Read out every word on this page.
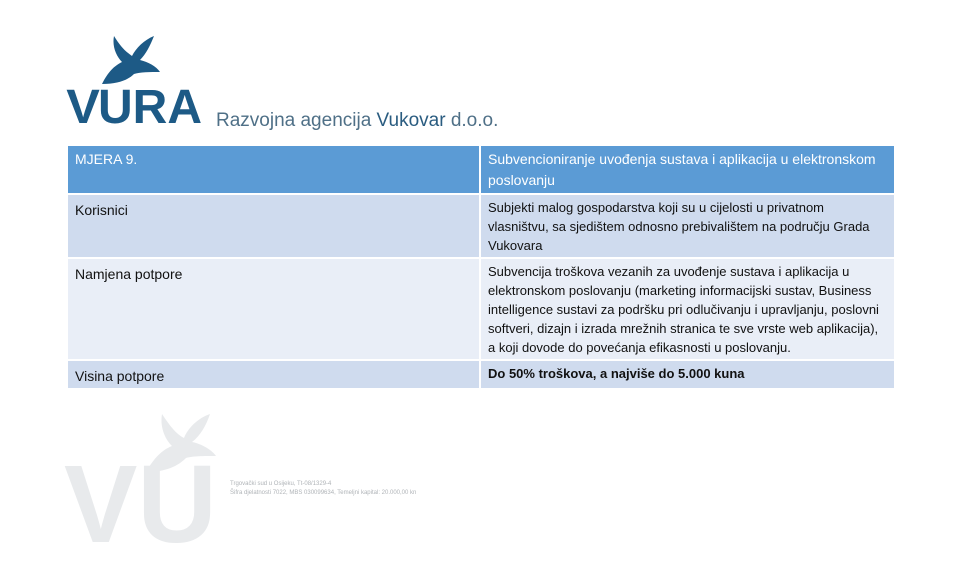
V URA Razvojna agencija Vukovar d.o.o.
MJERA 9.	Subvencioniranje uvođenja sustava i aplikacija u elektronskom poslovanju
Korisnici	Subjekti malog gospodarstva koji su u cijelosti u privatnom vlasništvu, sa sjedištem odnosno prebivalištem na području Grada Vukovara
Namjena potpore	Subvencija troškova vezanih za uvođenje sustava i aplikacija u elektronskom poslovanju (marketing informacijski sustav, Business intelligence sustavi za podršku pri odlučivanju i upravljanju, poslovni softveri, dizajn i izrada mrežnih stranica te sve vrste web aplikacija), a koji dovode do povećanja efikasnosti u poslovanju.
Visina potpore	Do 50% troškova, a najviše do 5.000 kuna
VU Trgovački sud u Osijeku, Tt-08/1329-4
Šifra djelatnosti 7022, MBS 030099634, Temeljni kapital: 20.000,00 kn
